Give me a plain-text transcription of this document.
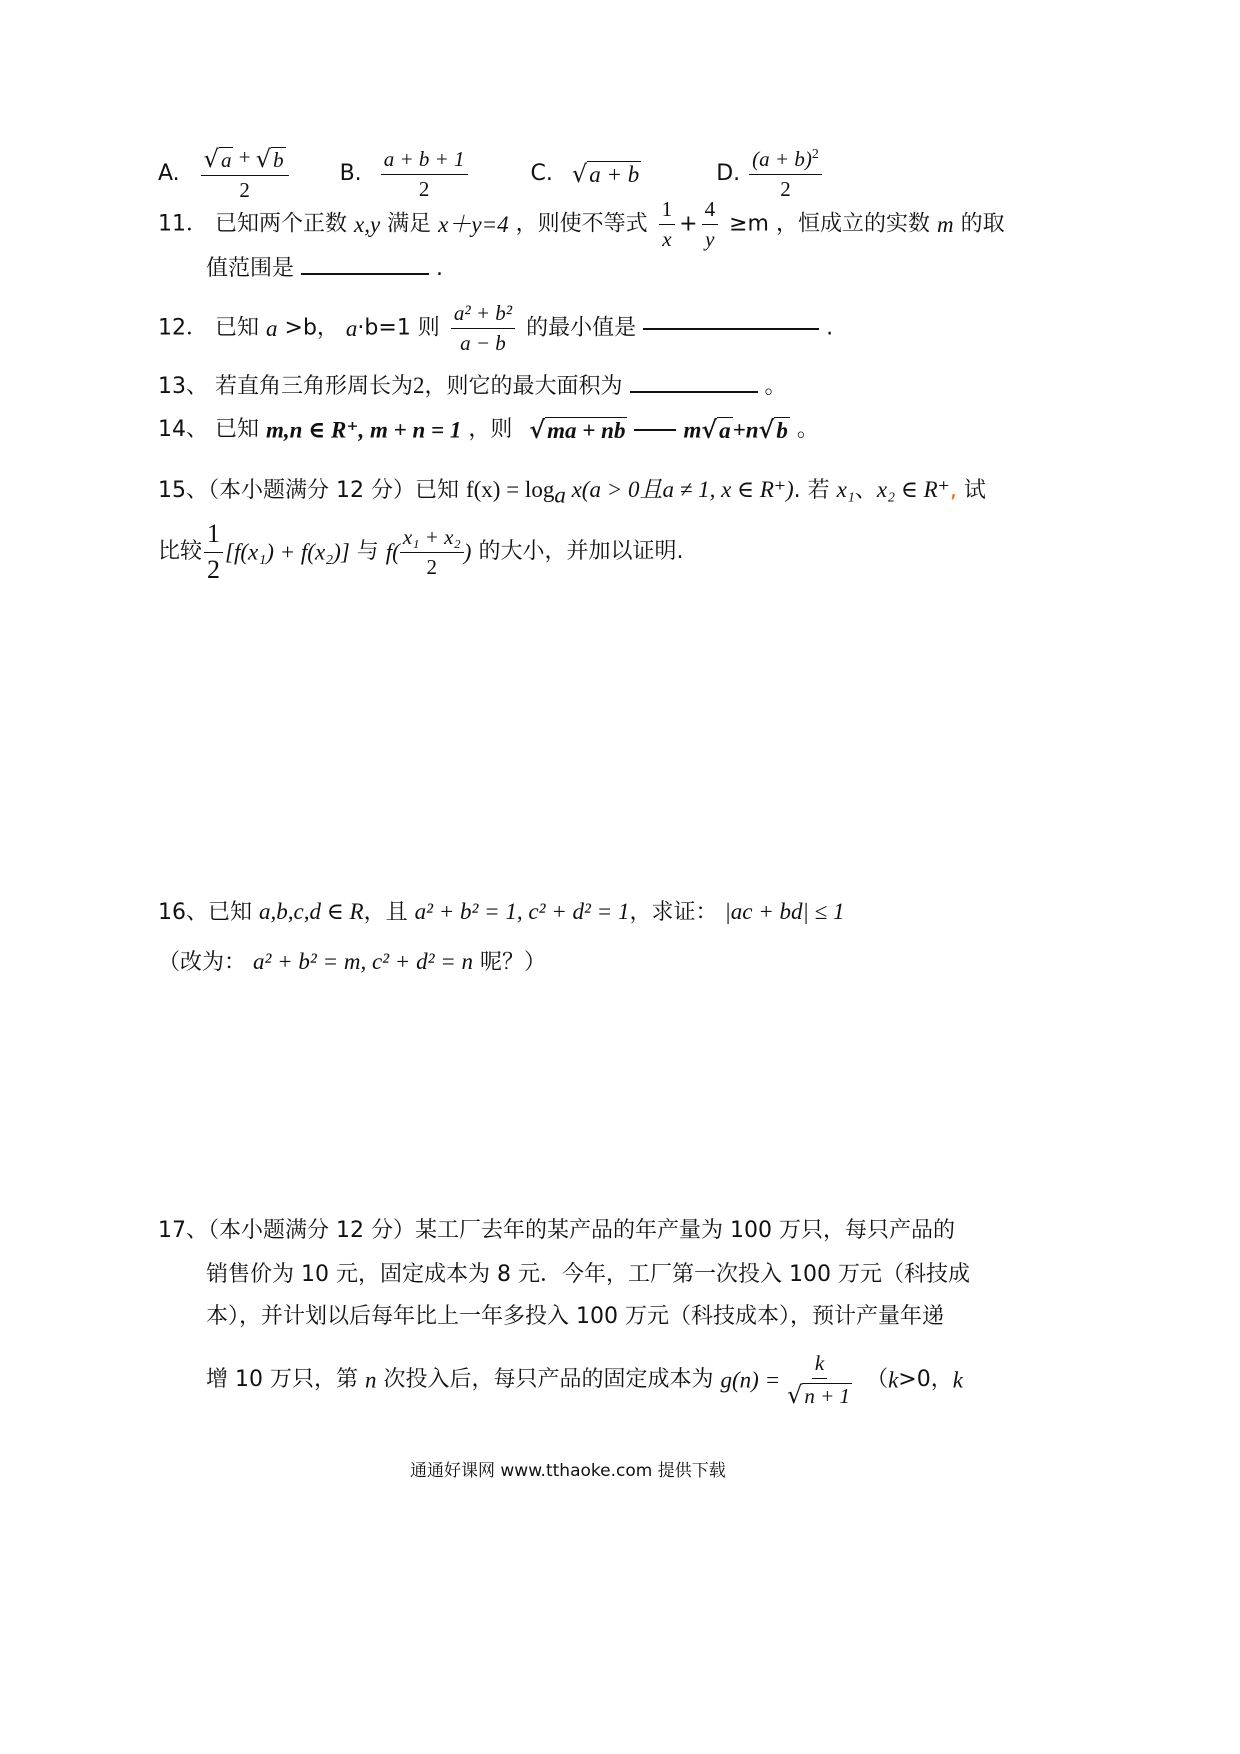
A. $\frac{√a + √b}{2} B$. $\frac{a + b + 1}{2}$	C. √a + b	D. $\frac{(a + b)^2}{2}$
11． 已知两个正数 x,y 满足 x＋y=4 ，则使不等式 $\frac{1}{x} + \frac{4}{y} \ge m$ ，恒成立的实数 m 的取
值范围是	.
12． 已知 a >b， a·b=1 则 $\frac{\text{a² + b²}}{a - b}$ 的最小值是	.
13、 若直角三角形周长为2，则它的最大面积为	。
14、 已知 m,n ∈ R⁺, m + n = 1 ，则 √ma + nb	m√a+n√b 。
15、（本小题满分 12 分）已知 $f(x) = \log_a x(a > 0$且a ≠ 1, x ∈ R⁺). 若 x₁、x₂ ∈ R⁺, 试
比较 $\frac{1}{2} [f(x_1) + f(x_2)]$ 与 $f( \frac{\text{x₁ + x₂}}{2}$ ) 的大小，并加以证明.
16、已知 a,b,c,d ∈ R，且 a² + b² = 1, c² + d² = 1，求证： |ac + bd| ≤ 1
（改为： a² + b² = m, c² + d² = n 呢？）
17、（本小题满分 12 分）某工厂去年的某产品的年产量为 100 万只，每只产品的
销售价为 10 元，固定成本为 8 元．今年，工厂第一次投入 100 万元（科技成
本），并计划以后每年比上一年多投入 100 万元（科技成本），预计产量年递
增 10 万只，第 n 次投入后，每只产品的固定成本为 $g(n) = \frac{k}{√n + 1} (k>0$，k
通通好课网 www.tthaoke.com 提供下载
